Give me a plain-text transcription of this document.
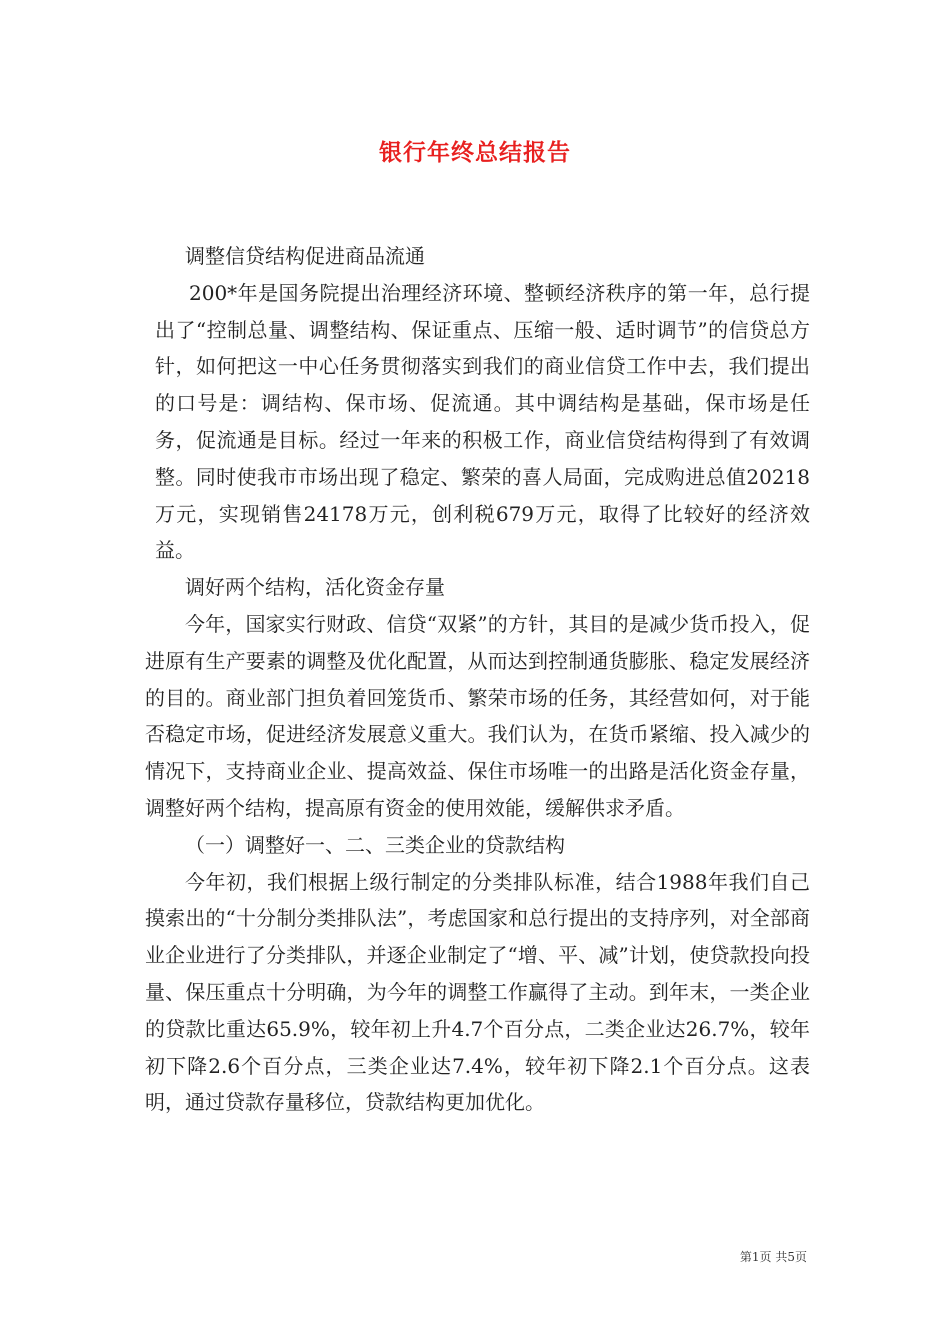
银行年终总结报告

调整信贷结构促进商品流通

200*年是国务院提出治理经济环境、整顿经济秩序的第一年，总行提出了“控制总量、调整结构、保证重点、压缩一般、适时调节”的信贷总方针，如何把这一中心任务贯彻落实到我们的商业信贷工作中去，我们提出的口号是：调结构、保市场、促流通。其中调结构是基础，保市场是任务，促流通是目标。经过一年来的积极工作，商业信贷结构得到了有效调整。同时使我市市场出现了稳定、繁荣的喜人局面，完成购进总值20218万元，实现销售24178万元，创利税679万元，取得了比较好的经济效益。

调好两个结构，活化资金存量

今年，国家实行财政、信贷“双紧”的方针，其目的是减少货币投入，促进原有生产要素的调整及优化配置，从而达到控制通货膨胀、稳定发展经济的目的。商业部门担负着回笼货币、繁荣市场的任务，其经营如何，对于能否稳定市场，促进经济发展意义重大。我们认为，在货币紧缩、投入减少的情况下，支持商业企业、提高效益、保住市场唯一的出路是活化资金存量，调整好两个结构，提高原有资金的使用效能，缓解供求矛盾。

（一）调整好一、二、三类企业的贷款结构

今年初，我们根据上级行制定的分类排队标准，结合1988年我们自己摸索出的“十分制分类排队法”，考虑国家和总行提出的支持序列，对全部商业企业进行了分类排队，并逐企业制定了“增、平、减”计划，使贷款投向投量、保压重点十分明确，为今年的调整工作赢得了主动。到年末，一类企业的贷款比重达65.9%，较年初上升4.7个百分点，二类企业达26.7%，较年初下降2.6个百分点，三类企业达7.4%，较年初下降2.1个百分点。这表明，通过贷款存量移位，贷款结构更加优化。

第1页 共5页
